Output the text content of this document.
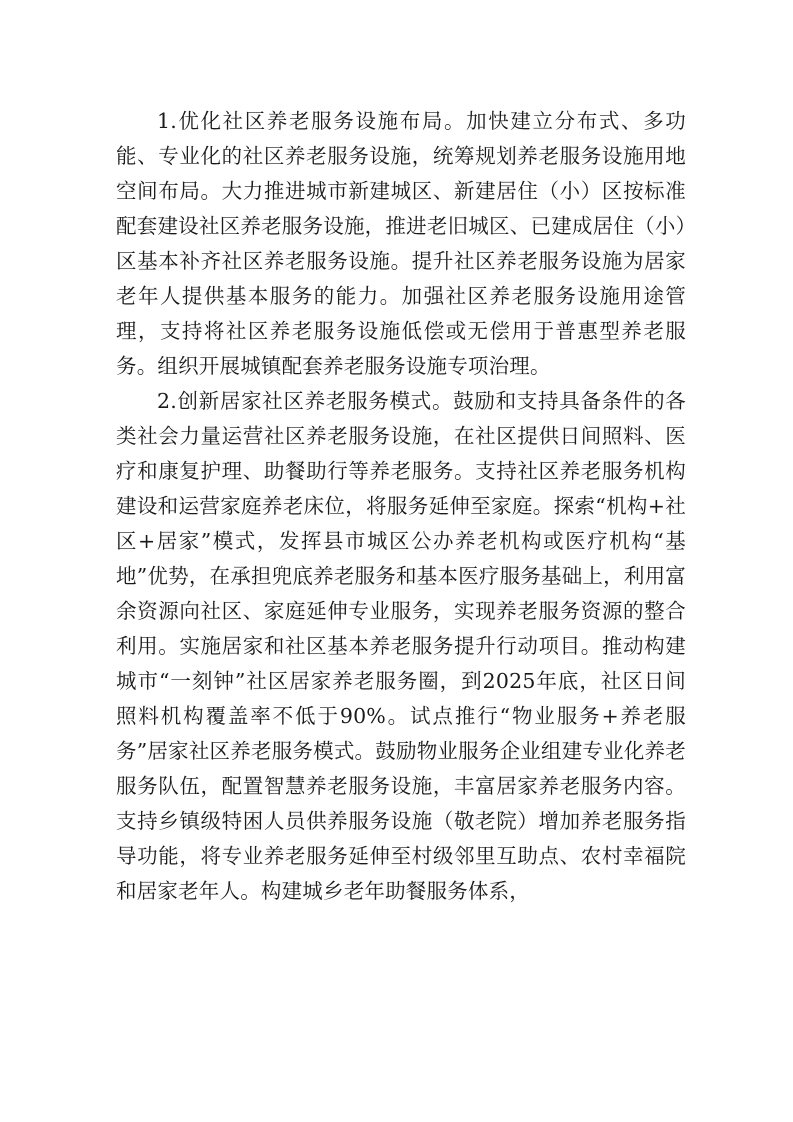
1.优化社区养老服务设施布局。加快建立分布式、多功能、专业化的社区养老服务设施，统筹规划养老服务设施用地空间布局。大力推进城市新建城区、新建居住（小）区按标准配套建设社区养老服务设施，推进老旧城区、已建成居住（小）区基本补齐社区养老服务设施。提升社区养老服务设施为居家老年人提供基本服务的能力。加强社区养老服务设施用途管理，支持将社区养老服务设施低偿或无偿用于普惠型养老服务。组织开展城镇配套养老服务设施专项治理。

2.创新居家社区养老服务模式。鼓励和支持具备条件的各类社会力量运营社区养老服务设施，在社区提供日间照料、医疗和康复护理、助餐助行等养老服务。支持社区养老服务机构建设和运营家庭养老床位，将服务延伸至家庭。探索“机构+社区+居家”模式，发挥县市城区公办养老机构或医疗机构“基地”优势，在承担兜底养老服务和基本医疗服务基础上，利用富余资源向社区、家庭延伸专业服务，实现养老服务资源的整合利用。实施居家和社区基本养老服务提升行动项目。推动构建城市“一刻钟”社区居家养老服务圈，到2025年底，社区日间照料机构覆盖率不低于90%。试点推行“物业服务+养老服务”居家社区养老服务模式。鼓励物业服务企业组建专业化养老服务队伍，配置智慧养老服务设施，丰富居家养老服务内容。支持乡镇级特困人员供养服务设施（敬老院）增加养老服务指导功能，将专业养老服务延伸至村级邻里互助点、农村幸福院和居家老年人。构建城乡老年助餐服务体系，
